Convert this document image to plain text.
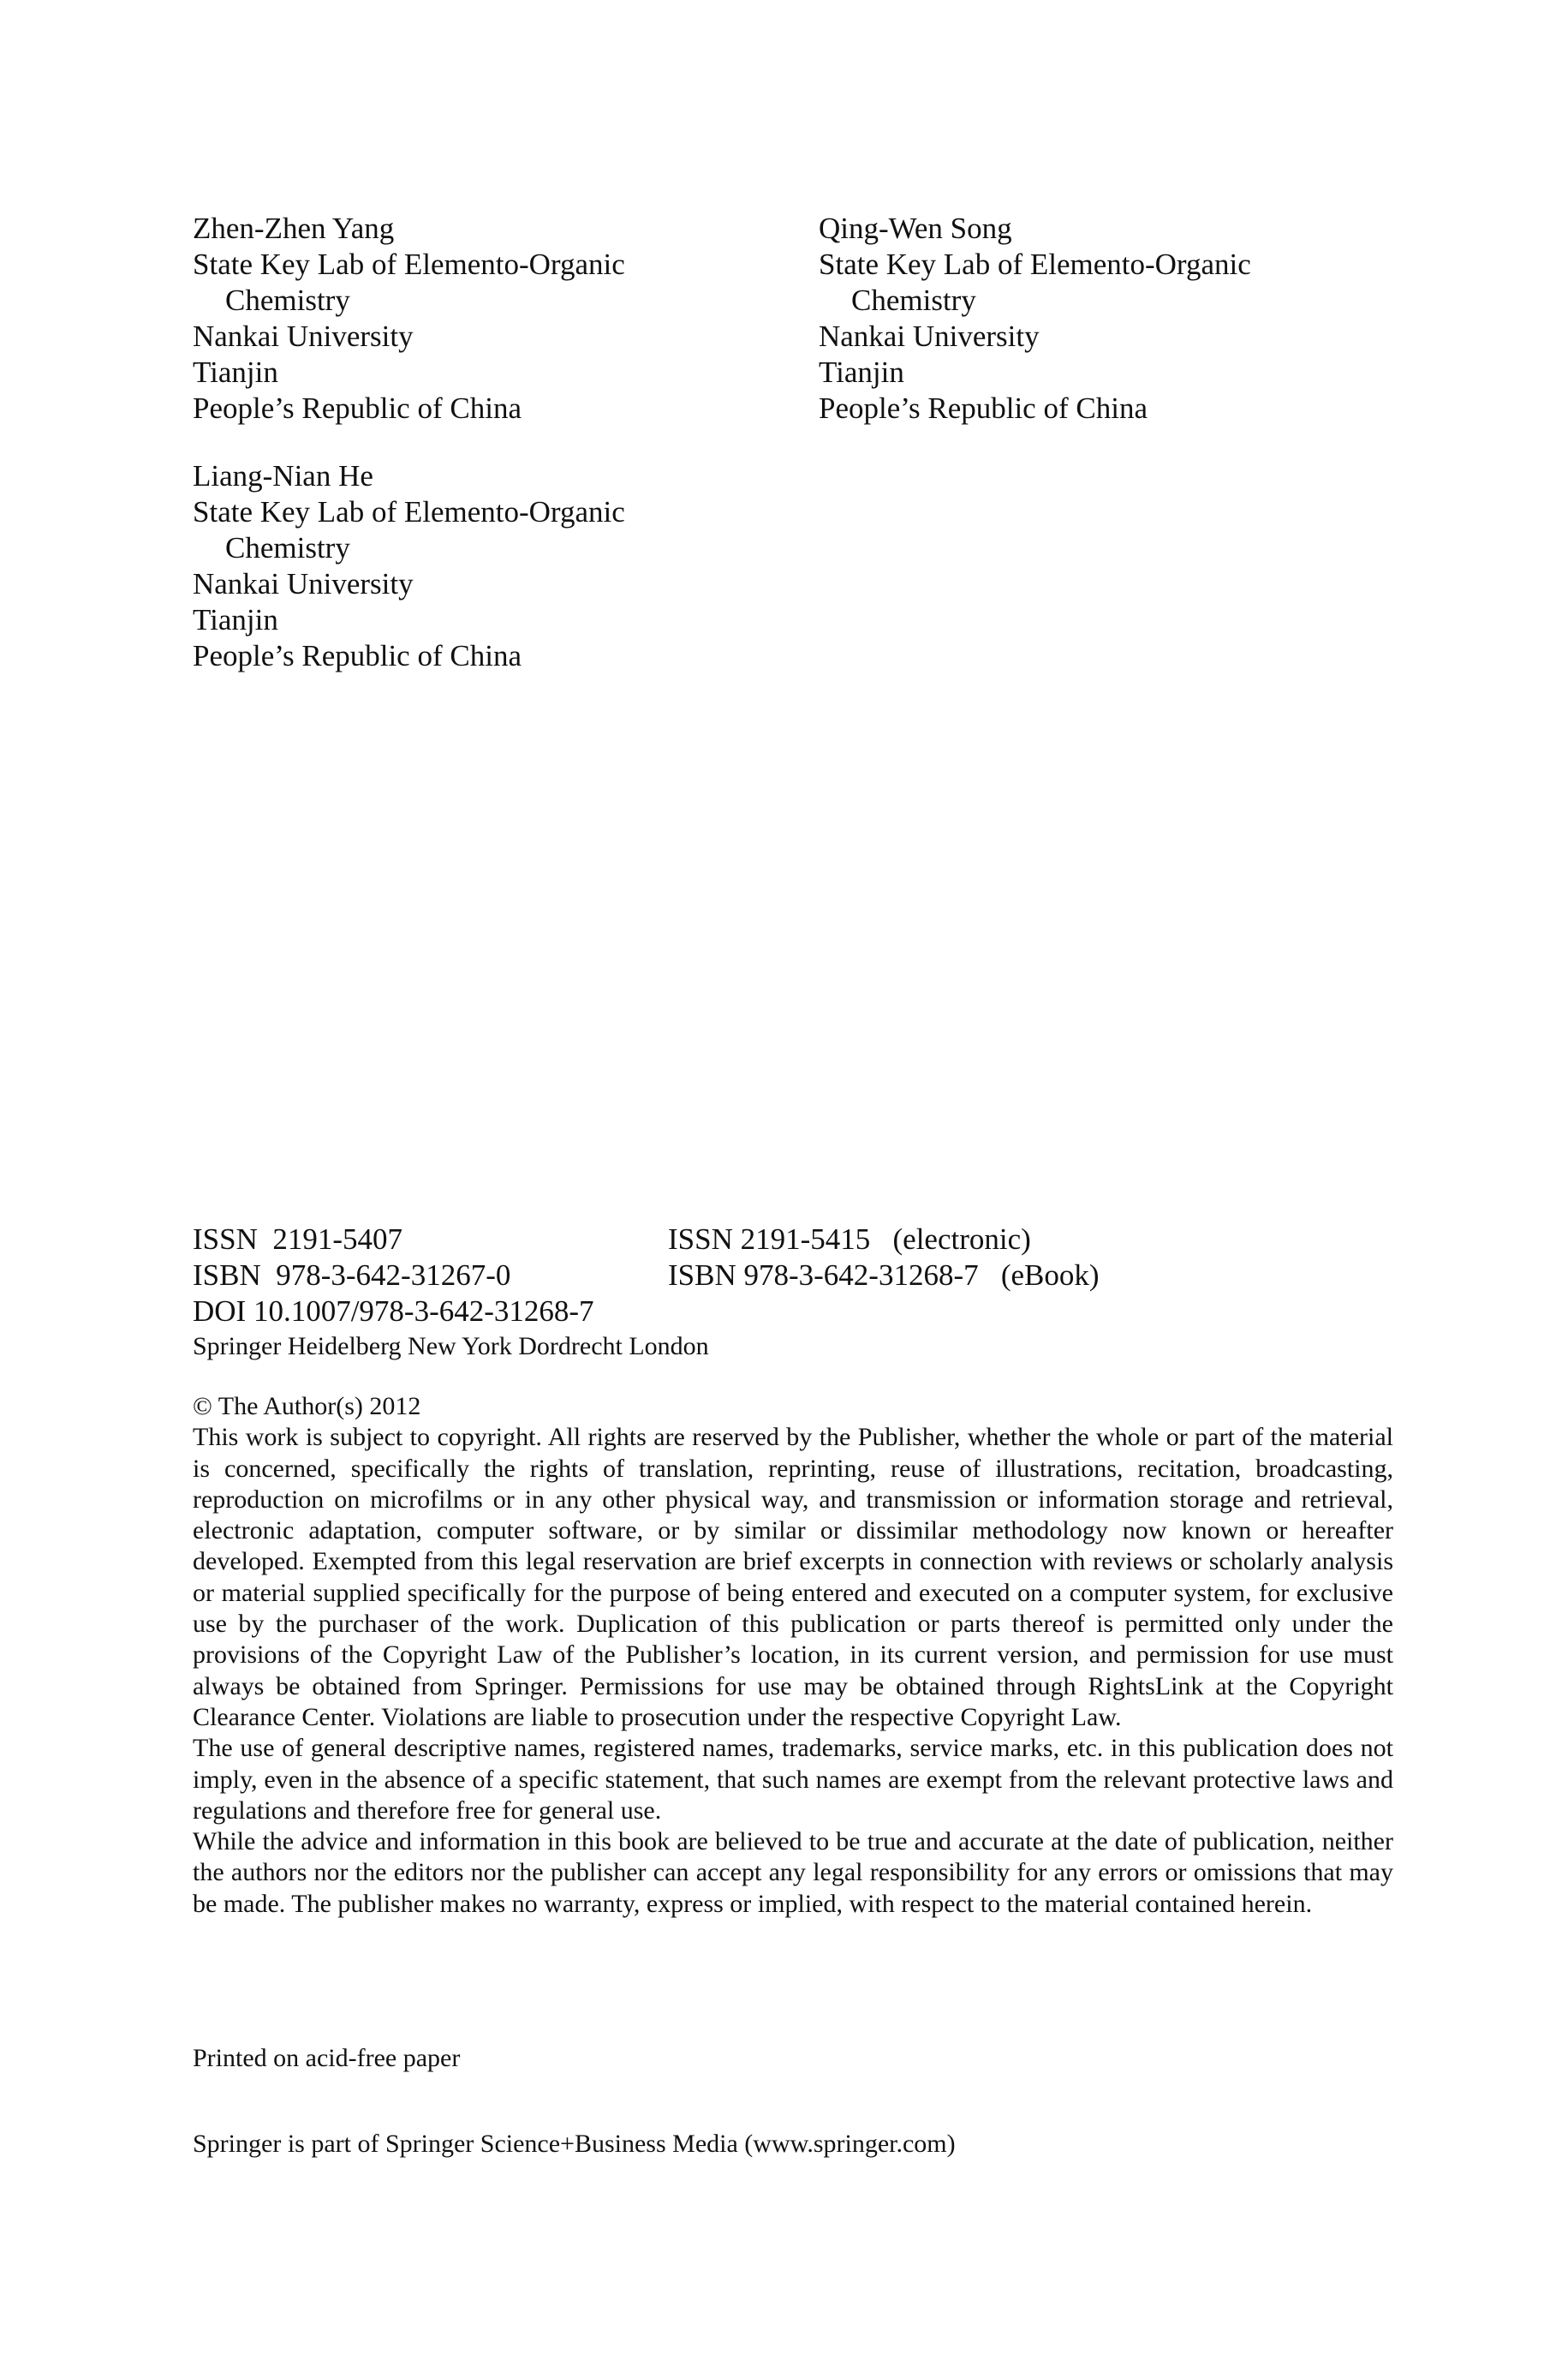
Zhen-Zhen Yang
State Key Lab of Elemento-Organic
Chemistry
Nankai University
Tianjin
People’s Republic of China
Qing-Wen Song
State Key Lab of Elemento-Organic
Chemistry
Nankai University
Tianjin
People’s Republic of China
Liang-Nian He
State Key Lab of Elemento-Organic
Chemistry
Nankai University
Tianjin
People’s Republic of China
ISSN  2191-5407	ISSN 2191-5415   (electronic)
ISBN  978-3-642-31267-0	ISBN 978-3-642-31268-7   (eBook)
DOI 10.1007/978-3-642-31268-7
Springer Heidelberg New York Dordrecht London
© The Author(s) 2012

This work is subject to copyright. All rights are reserved by the Publisher, whether the whole or part of the material is concerned, specifically the rights of translation, reprinting, reuse of illustrations, recitation, broadcasting, reproduction on microfilms or in any other physical way, and transmission or information storage and retrieval, electronic adaptation, computer software, or by similar or dissimilar methodology now known or hereafter developed. Exempted from this legal reservation are brief excerpts in connection with reviews or scholarly analysis or material supplied specifically for the purpose of being entered and executed on a computer system, for exclusive use by the purchaser of the work. Duplication of this publication or parts thereof is permitted only under the provisions of the Copyright Law of the Publisher’s location, in its current version, and permission for use must always be obtained from Springer. Permissions for use may be obtained through RightsLink at the Copyright Clearance Center. Violations are liable to prosecution under the respective Copyright Law.

The use of general descriptive names, registered names, trademarks, service marks, etc. in this publication does not imply, even in the absence of a specific statement, that such names are exempt from the relevant protective laws and regulations and therefore free for general use.

While the advice and information in this book are believed to be true and accurate at the date of publication, neither the authors nor the editors nor the publisher can accept any legal responsibility for any errors or omissions that may be made. The publisher makes no warranty, express or implied, with respect to the material contained herein.

Printed on acid-free paper
Springer is part of Springer Science+Business Media (www.springer.com)
